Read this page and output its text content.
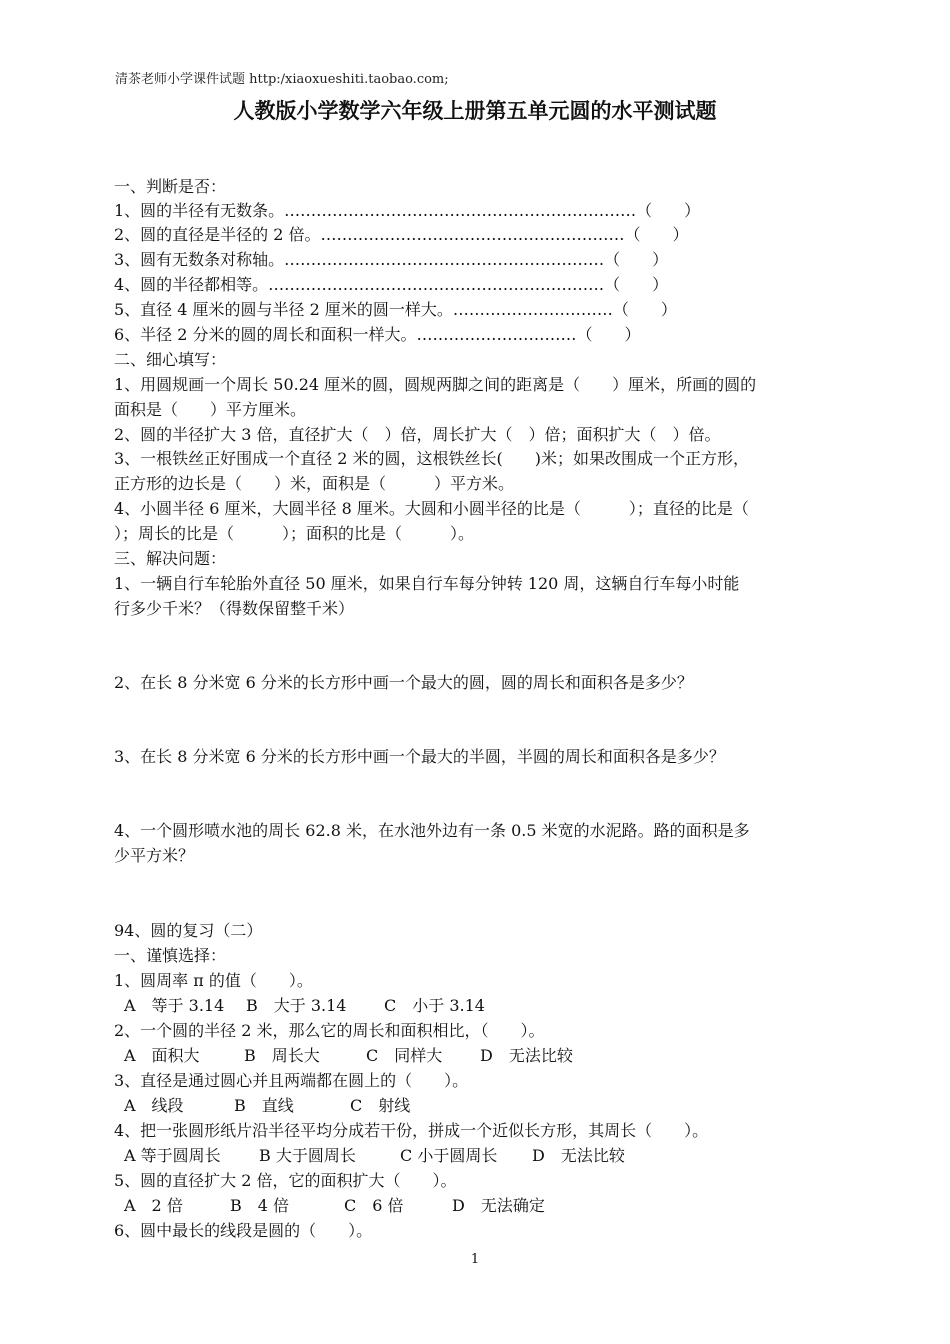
清茶老师小学课件试题 http:/xiaoxueshiti.taobao.com;
人教版小学数学六年级上册第五单元圆的水平测试题
一、判断是否：
1、圆的半径有无数条。…………………………………………………………（　　）
2、圆的直径是半径的 2 倍。…………………………………………………（　　）
3、圆有无数条对称轴。……………………………………………………（　　）
4、圆的半径都相等。………………………………………………………（　　）
5、直径 4 厘米的圆与半径 2 厘米的圆一样大。…………………………（　　）
6、半径 2 分米的圆的周长和面积一样大。…………………………（　　）
二、细心填写：
1、用圆规画一个周长 50.24 厘米的圆，圆规两脚之间的距离是（　　）厘米，所画的圆的
面积是（　　）平方厘米。
2、圆的半径扩大 3 倍，直径扩大（　）倍，周长扩大（　）倍；面积扩大（　）倍。
3、一根铁丝正好围成一个直径 2 米的圆，这根铁丝长(　　)米；如果改围成一个正方形，
正方形的边长是（　　）米，面积是（　　　）平方米。
4、小圆半径 6 厘米，大圆半径 8 厘米。大圆和小圆半径的比是（　　　）；直径的比是（
）；周长的比是（　　　）；面积的比是（　　　）。
三、解决问题：
1、一辆自行车轮胎外直径 50 厘米，如果自行车每分钟转 120 周，这辆自行车每小时能
行多少千米？（得数保留整千米）
2、在长 8 分米宽 6 分米的长方形中画一个最大的圆，圆的周长和面积各是多少？
3、在长 8 分米宽 6 分米的长方形中画一个最大的半圆，半圆的周长和面积各是多少？
4、一个圆形喷水池的周长 62.8 米，在水池外边有一条 0.5 米宽的水泥路。路的面积是多
少平方米？
94、圆的复习（二）
一、谨慎选择：
1、圆周率 π 的值（　　）。
A　等于 3.14 B　大于 3.14 C　小于 3.14
2、一个圆的半径 2 米，那么它的周长和面积相比，（　　）。
A　面积大	B　周长大	C　同样大 D　无法比较
3、直径是通过圆心并且两端都在圆上的（　　）。
A　线段	B　直线	C　射线
4、把一张圆形纸片沿半径平均分成若干份，拼成一个近似长方形，其周长（　　）。
A 等于圆周长 B 大于圆周长	C 小于圆周长 D　无法比较
5、圆的直径扩大 2 倍，它的面积扩大（　　）。
A　2 倍	B　4 倍	C　6 倍	D　无法确定
6、圆中最长的线段是圆的（　　）。
1
